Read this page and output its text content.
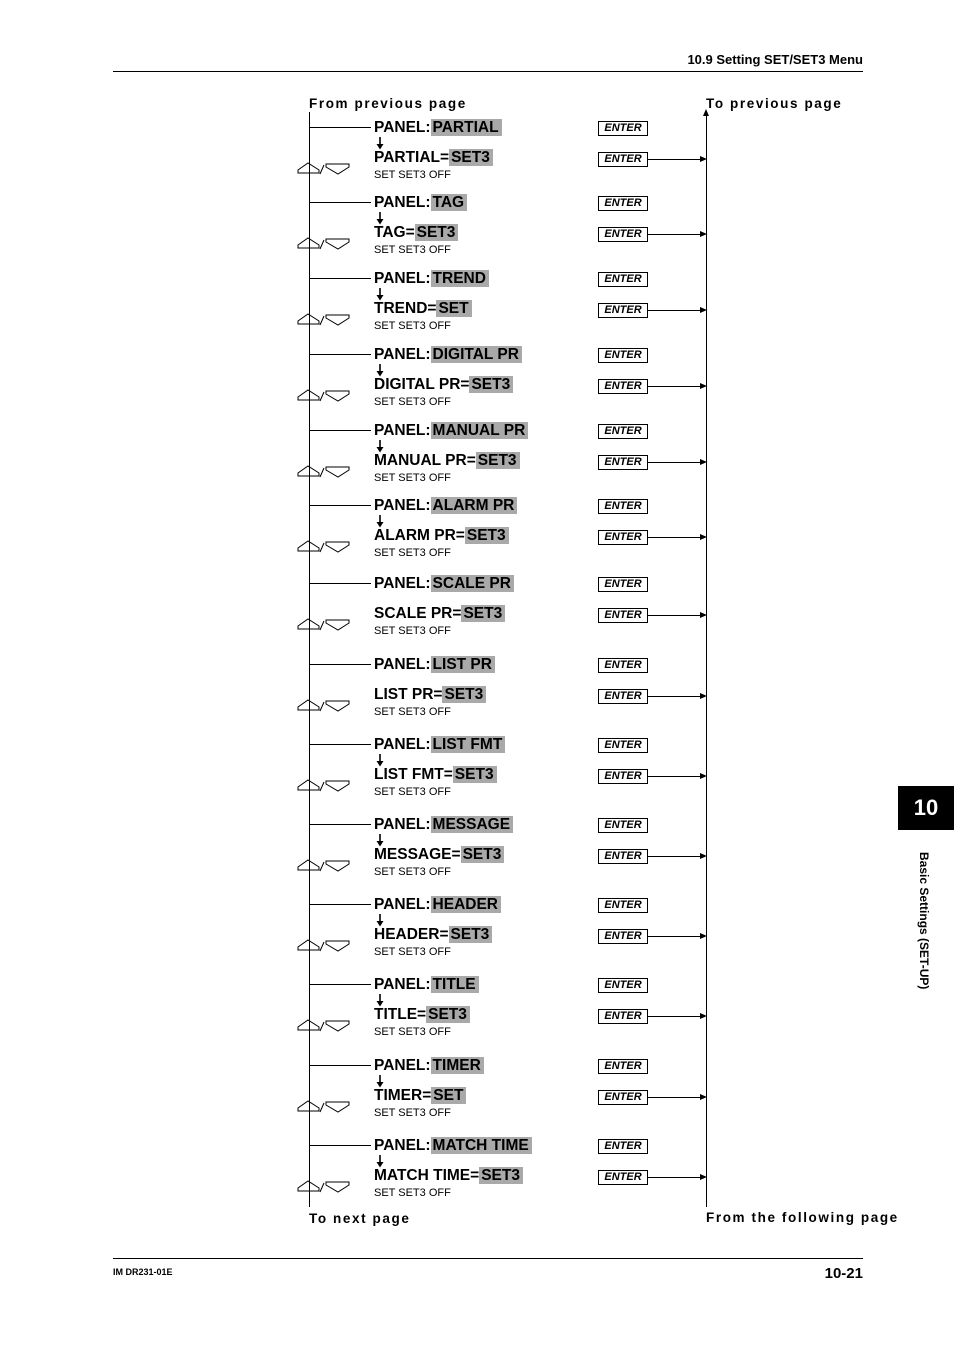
10.9 Setting SET/SET3 Menu
10
Basic Settings (SET-UP)
From previous page	To previous page
To next page	From the following page
PANEL: PARTIAL
PARTIAL= SET3
SET SET3 OFF
ENTER
ENTER
PANEL: TAG
TAG= SET3
SET SET3 OFF
ENTER
ENTER
PANEL: TREND
TREND= SET
SET SET3 OFF
ENTER
ENTER
PANEL: DIGITAL PR
DIGITAL PR= SET3
SET SET3 OFF
ENTER
ENTER
PANEL: MANUAL PR
MANUAL PR= SET3
SET SET3 OFF
ENTER
ENTER
PANEL: ALARM PR
ALARM PR= SET3
SET SET3 OFF
ENTER
ENTER
PANEL: SCALE PR
SCALE PR= SET3
SET SET3 OFF
ENTER
ENTER
PANEL: LIST PR
LIST PR= SET3
SET SET3 OFF
ENTER
ENTER
PANEL: LIST FMT
LIST FMT= SET3
SET SET3 OFF
ENTER
ENTER
PANEL: MESSAGE
MESSAGE= SET3
SET SET3 OFF
ENTER
ENTER
PANEL: HEADER
HEADER= SET3
SET SET3 OFF
ENTER
ENTER
PANEL: TITLE
TITLE= SET3
SET SET3 OFF
ENTER
ENTER
PANEL: TIMER
TIMER= SET
SET SET3 OFF
ENTER
ENTER
PANEL: MATCH TIME
MATCH TIME= SET3
SET SET3 OFF
ENTER
ENTER
IM DR231-01E	10-21
